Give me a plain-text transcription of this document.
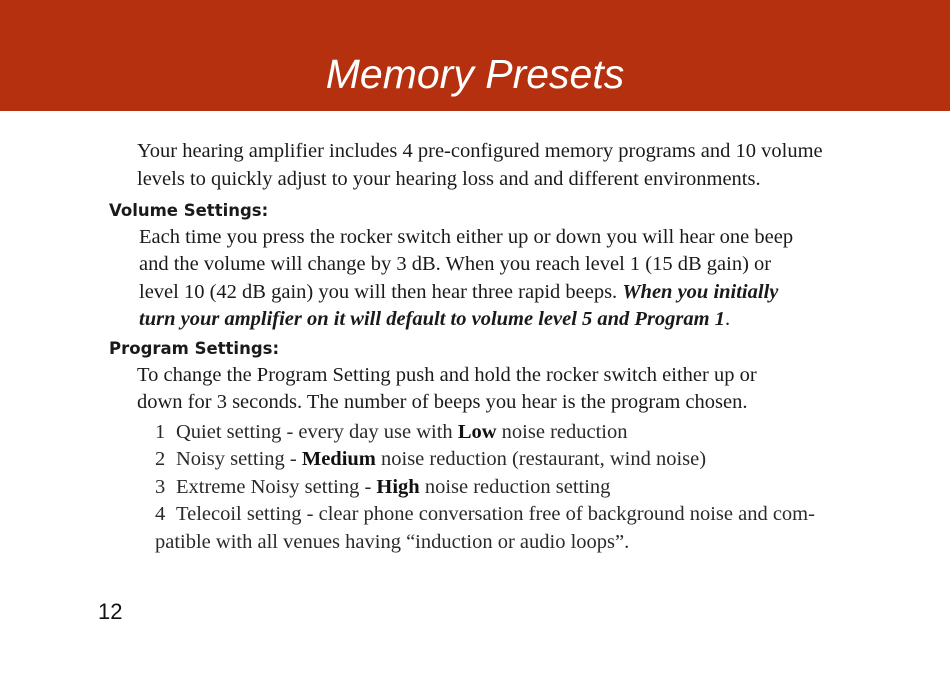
Memory Presets

Your hearing amplifier includes 4 pre-configured memory programs and 10 volume
levels to quickly adjust to your hearing loss and and different environments.

Volume Settings:

Each time you press the rocker switch either up or down you will hear one beep
and the volume will change by 3 dB. When you reach level 1 (15 dB gain) or
level 10 (42 dB gain) you will then hear three rapid beeps. When you initially
turn your amplifier on it will default to volume level 5 and Program 1.

Program Settings:

To change the Program Setting push and hold the rocker switch either up or
down for 3 seconds. The number of beeps you hear is the program chosen.

1 Quiet setting - every day use with Low noise reduction
2 Noisy setting - Medium noise reduction (restaurant, wind noise)
3 Extreme Noisy setting - High noise reduction setting
4 Telecoil setting - clear phone conversation free of background noise and com-
patible with all venues having “induction or audio loops”.
12
